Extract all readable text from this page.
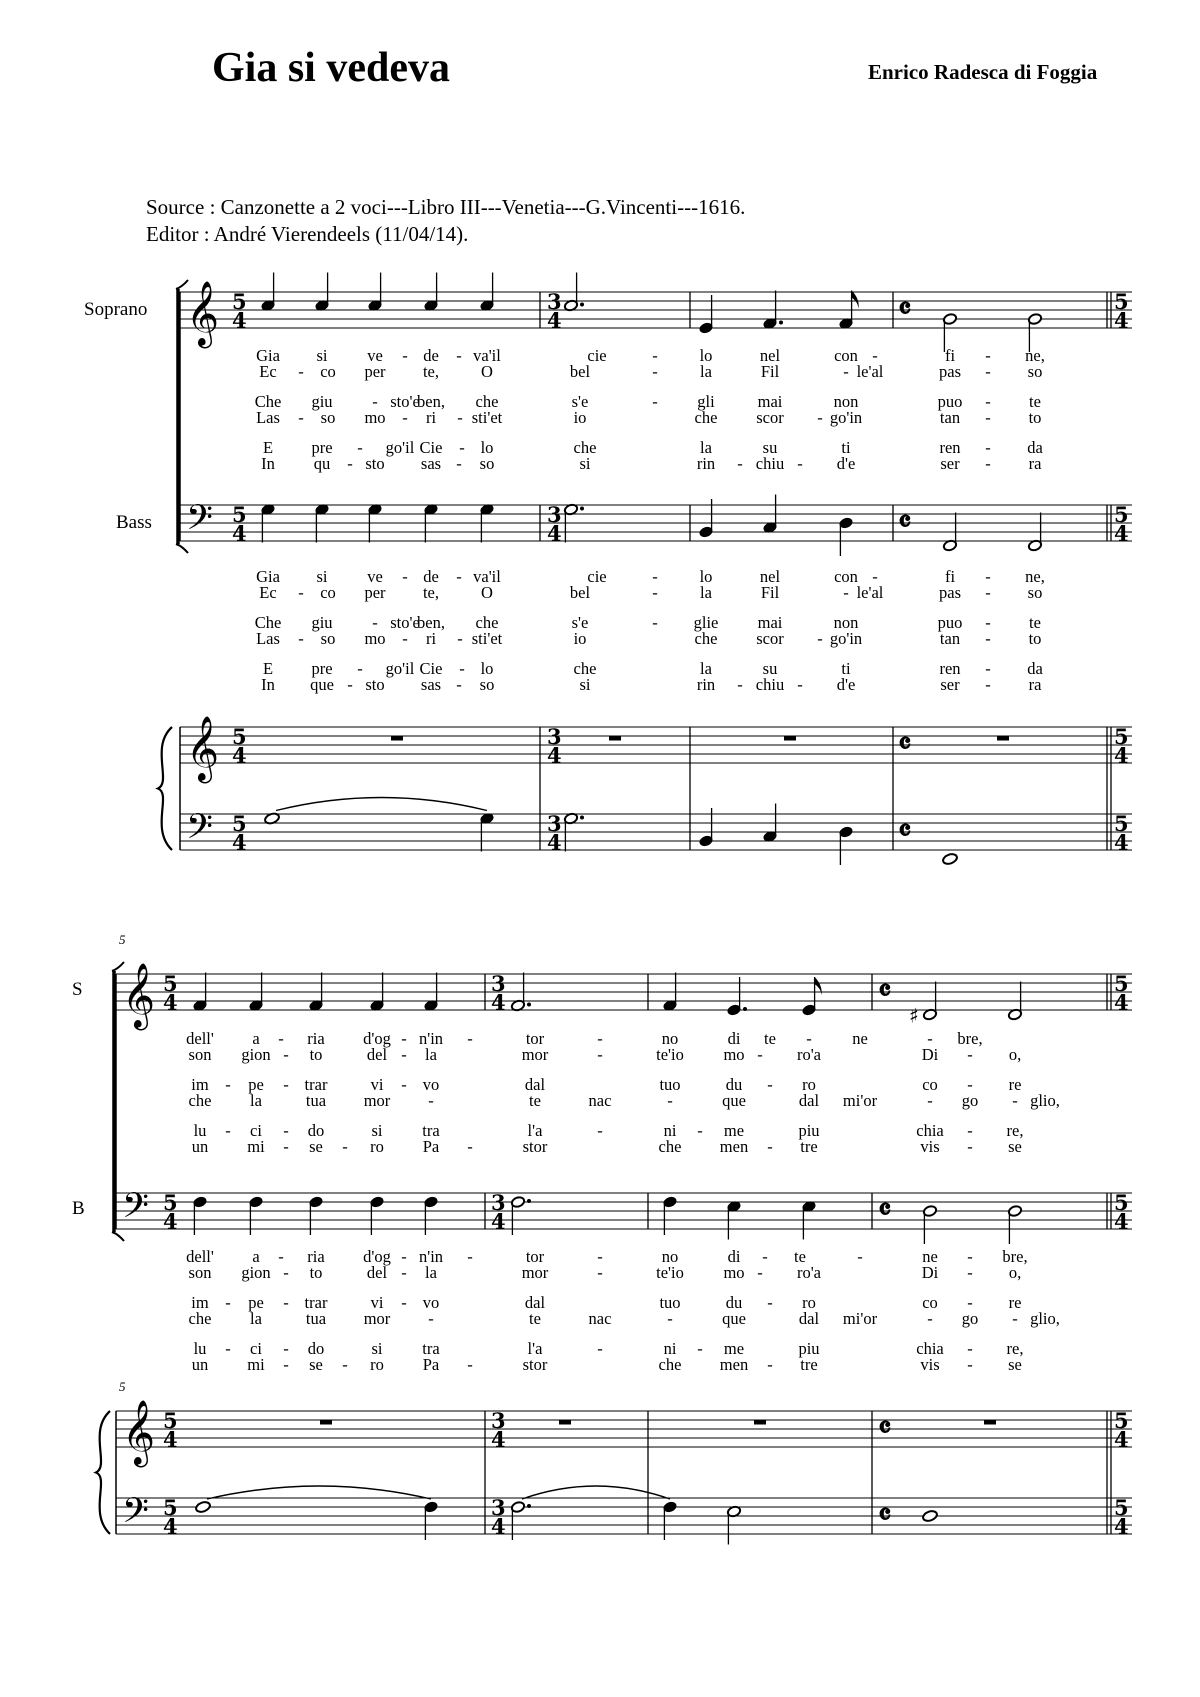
Gia si vedeva	Enrico Radesca di Foggia
Source : Canzonette a 2 voci---Libro III---Venetia---G.Vincenti---1616.
Editor : André Vierendeels (11/04/14).
𝄞
𝄢
𝄞
𝄢
5
4
3
4	𝄴	5
4
5
4
3
4	𝄴	5
4
5
4
3
4	𝄴	5
4
5
4
3
4	𝄴	5
4
Soprano
Bass
Gia si ve - de - va'il	cie	-	lo	nel	con -	fi - ne,
Ec - co per te,	O	bel	-	la	Fil	- le'al	pas - so
Che giu - sto'e
ben, che	s'e	- gli	mai	non	puo - te
Las - so mo - ri - sti'et	io	che scor - go'in	tan - to
E pre - go'il Cie - lo	che	la	su	ti	ren - da
In qu - sto sas - so	si	rin - chiu - d'e	ser - ra
Gia si ve - de - va'il	cie	-	lo	nel	con -	fi - ne,
Ec - co per te,	O	bel	-	la	Fil	- le'al	pas - so
Che giu - sto'e
ben, che	s'e	- glie mai	non	puo - te
Las - so mo - ri - sti'et	io	che scor - go'in	tan - to
E pre - go'il Cie - lo	che	la	su	ti	ren - da
In que - sto sas - so	si	rin - chiu - d'e	ser - ra
𝄞
𝄢
𝄞
𝄢
5
4
3
4	𝄴	5
4
5
4
3
4	𝄴	5
4
5
4
3
4	𝄴	5
4
5
4
3
4	𝄴	5
4
5
5
S
B
♯
dell' a - ria d'og - n'in -	tor	-	no	di te - ne	- bre,
son gion - to	del - la	mor	-	te'io mo - ro'a	Di - o,
im - pe - trar	vi - vo	dal	tuo	du - ro	co - re
che la	tua mor -	te	nac	-	que	dal mi'or	- go - glio,
lu - ci - do	si tra	l'a	-	ni - me	piu	chia - re,
un mi - se - ro Pa -	stor	che men - tre	vis - se
dell' a - ria d'og - n'in -	tor	-	no	di - te	-	ne - bre,
son gion - to	del - la	mor	-	te'io mo - ro'a	Di - o,
im - pe - trar	vi - vo	dal	tuo	du - ro	co - re
che la	tua mor -	te	nac	-	que	dal mi'or	- go - glio,
lu - ci - do	si tra	l'a	-	ni - me	piu	chia - re,
un mi - se - ro Pa -	stor	che men - tre	vis - se
